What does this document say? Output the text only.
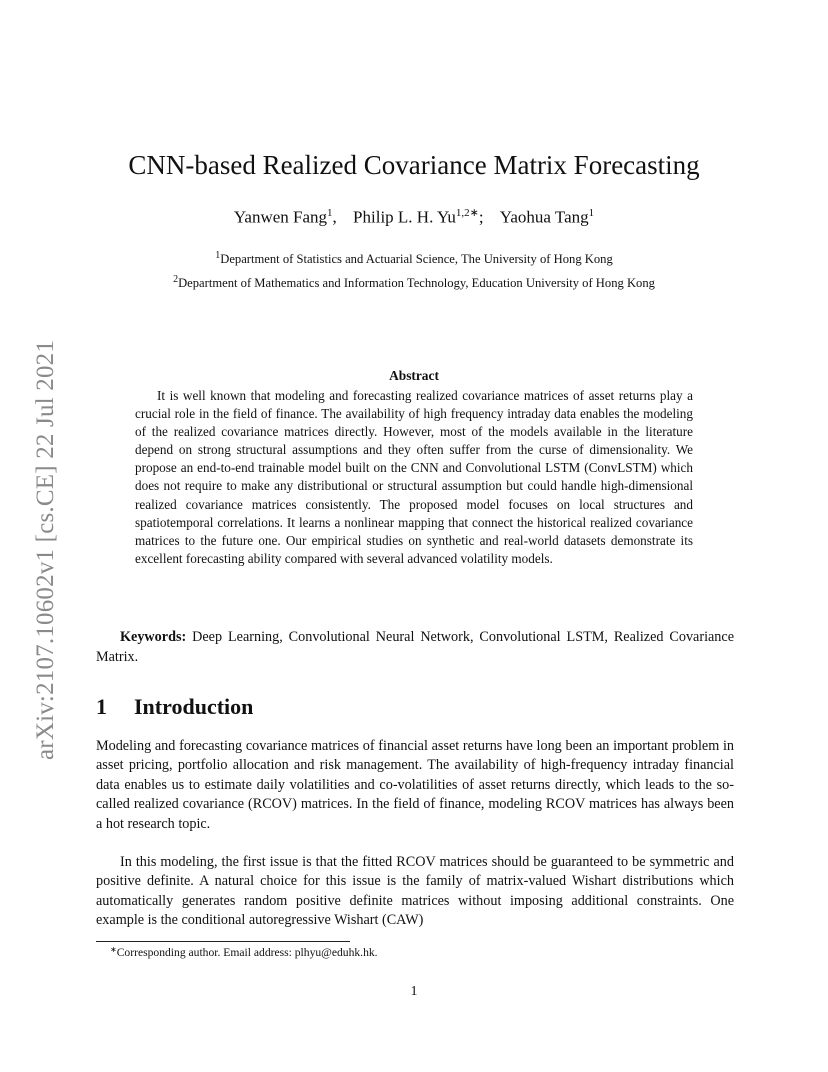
arXiv:2107.10602v1 [cs.CE] 22 Jul 2021
CNN-based Realized Covariance Matrix Forecasting
Yanwen Fang$^1$, Philip L. H. $Yu^{1,2∗}$; Yaohua Tang$^1$
$^1$Department of Statistics and Actuarial Science, The University of Hong Kong
$^2$Department of Mathematics and Information Technology, Education University of Hong Kong
Abstract

It is well known that modeling and forecasting realized covariance matrices of asset returns play a crucial role in the field of finance. The availability of high frequency intraday data enables the modeling of the realized covariance matrices directly. However, most of the models available in the literature depend on strong structural assumptions and they often suffer from the curse of dimensionality. We propose an end-to-end trainable model built on the CNN and Convolutional LSTM (ConvLSTM) which does not require to make any distributional or structural assumption but could handle high-dimensional realized covariance matrices consistently. The proposed model focuses on local structures and spatiotemporal correlations. It learns a nonlinear mapping that connect the historical realized covariance matrices to the future one. Our empirical studies on synthetic and real-world datasets demonstrate its excellent forecasting ability compared with several advanced volatility models.

Keywords: Deep Learning, Convolutional Neural Network, Convolutional LSTM, Realized Covariance Matrix.

1 Introduction

Modeling and forecasting covariance matrices of financial asset returns have long been an important problem in asset pricing, portfolio allocation and risk management. The availability of high-frequency intraday financial data enables us to estimate daily volatilities and co-volatilities of asset returns directly, which leads to the so-called realized covariance (RCOV) matrices. In the field of finance, modeling RCOV matrices has always been a hot research topic.

In this modeling, the first issue is that the fitted RCOV matrices should be guaranteed to be symmetric and positive definite. A natural choice for this issue is the family of matrix-valued Wishart distributions which automatically generates random positive definite matrices without imposing additional constraints. One example is the conditional autoregressive Wishart (CAW)

∗Corresponding author. Email address: plhyu@eduhk.hk.
1
